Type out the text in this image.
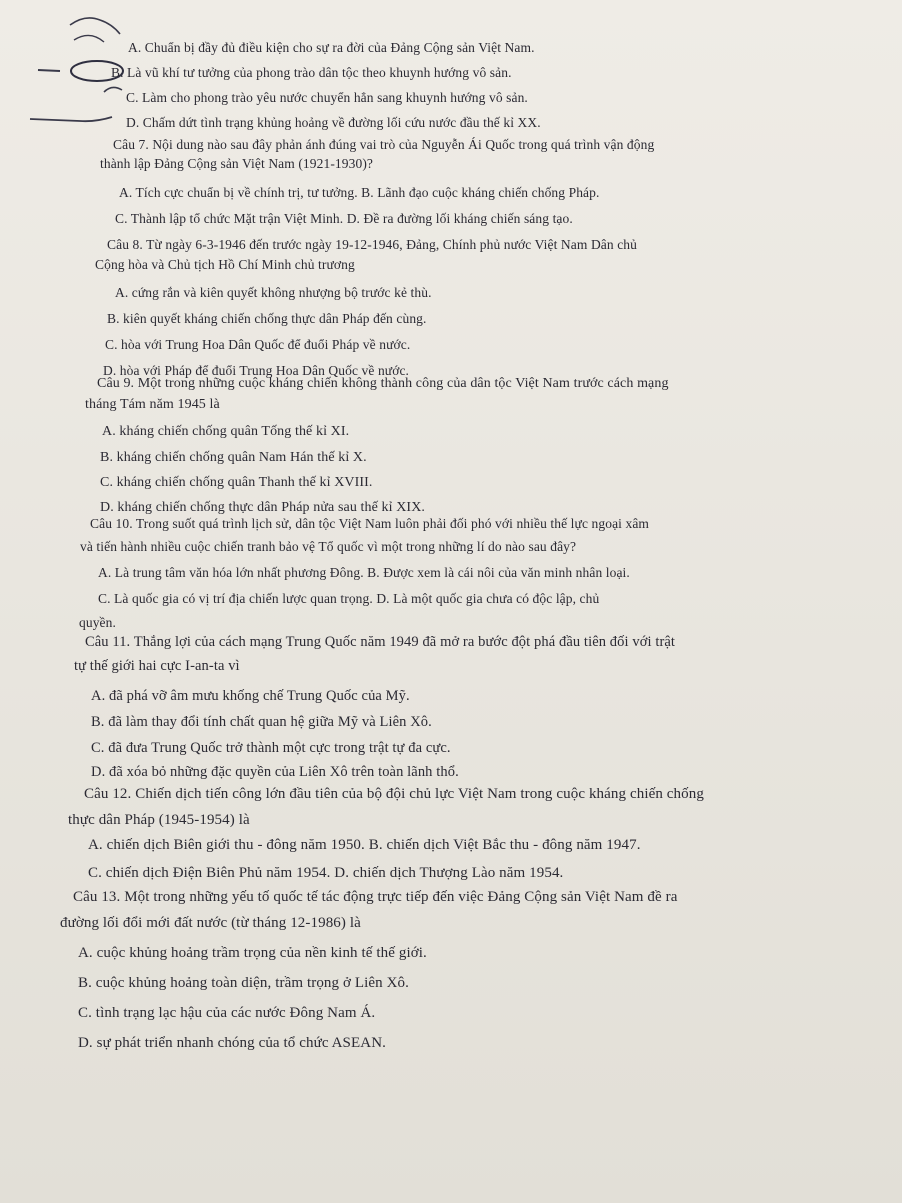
A. Chuẩn bị đầy đủ điều kiện cho sự ra đời của Đảng Cộng sản Việt Nam.
B. Là vũ khí tư tưởng của phong trào dân tộc theo khuynh hướng vô sản.
C. Làm cho phong trào yêu nước chuyển hẳn sang khuynh hướng vô sản.
D. Chấm dứt tình trạng khủng hoảng về đường lối cứu nước đầu thế kỉ XX.
Câu 7. Nội dung nào sau đây phản ánh đúng vai trò của Nguyễn Ái Quốc trong quá trình vận động
thành lập Đảng Cộng sản Việt Nam (1921-1930)?
A. Tích cực chuẩn bị về chính trị, tư tưởng. B. Lãnh đạo cuộc kháng chiến chống Pháp.
C. Thành lập tổ chức Mặt trận Việt Minh. D. Đề ra đường lối kháng chiến sáng tạo.
Câu 8. Từ ngày 6-3-1946 đến trước ngày 19-12-1946, Đảng, Chính phủ nước Việt Nam Dân chủ
Cộng hòa và Chủ tịch Hồ Chí Minh chủ trương
A. cứng rắn và kiên quyết không nhượng bộ trước kẻ thù.
B. kiên quyết kháng chiến chống thực dân Pháp đến cùng.
C. hòa với Trung Hoa Dân Quốc để đuổi Pháp về nước.
D. hòa với Pháp để đuổi Trung Hoa Dân Quốc về nước.
Câu 9. Một trong những cuộc kháng chiến không thành công của dân tộc Việt Nam trước cách mạng
tháng Tám năm 1945 là
A. kháng chiến chống quân Tống thế kỉ XI.
B. kháng chiến chống quân Nam Hán thế kỉ X.
C. kháng chiến chống quân Thanh thế kỉ XVIII.
D. kháng chiến chống thực dân Pháp nửa sau thế kỉ XIX.
Câu 10. Trong suốt quá trình lịch sử, dân tộc Việt Nam luôn phải đối phó với nhiều thế lực ngoại xâm
và tiến hành nhiều cuộc chiến tranh bảo vệ Tổ quốc vì một trong những lí do nào sau đây?
A. Là trung tâm văn hóa lớn nhất phương Đông. B. Được xem là cái nôi của văn minh nhân loại.
C. Là quốc gia có vị trí địa chiến lược quan trọng. D. Là một quốc gia chưa có độc lập, chủ
quyền.
Câu 11. Thắng lợi của cách mạng Trung Quốc năm 1949 đã mở ra bước đột phá đầu tiên đối với trật
tự thế giới hai cực I-an-ta vì
A. đã phá vỡ âm mưu khống chế Trung Quốc của Mỹ.
B. đã làm thay đổi tính chất quan hệ giữa Mỹ và Liên Xô.
C. đã đưa Trung Quốc trở thành một cực trong trật tự đa cực.
D. đã xóa bỏ những đặc quyền của Liên Xô trên toàn lãnh thổ.
Câu 12. Chiến dịch tiến công lớn đầu tiên của bộ đội chủ lực Việt Nam trong cuộc kháng chiến chống
thực dân Pháp (1945-1954) là
A. chiến dịch Biên giới thu - đông năm 1950. B. chiến dịch Việt Bắc thu - đông năm 1947.
C. chiến dịch Điện Biên Phủ năm 1954. D. chiến dịch Thượng Lào năm 1954.
Câu 13. Một trong những yếu tố quốc tế tác động trực tiếp đến việc Đảng Cộng sản Việt Nam đề ra
đường lối đổi mới đất nước (từ tháng 12-1986) là
A. cuộc khủng hoảng trầm trọng của nền kinh tế thế giới.
B. cuộc khủng hoảng toàn diện, trầm trọng ở Liên Xô.
C. tình trạng lạc hậu của các nước Đông Nam Á.
D. sự phát triển nhanh chóng của tổ chức ASEAN.
